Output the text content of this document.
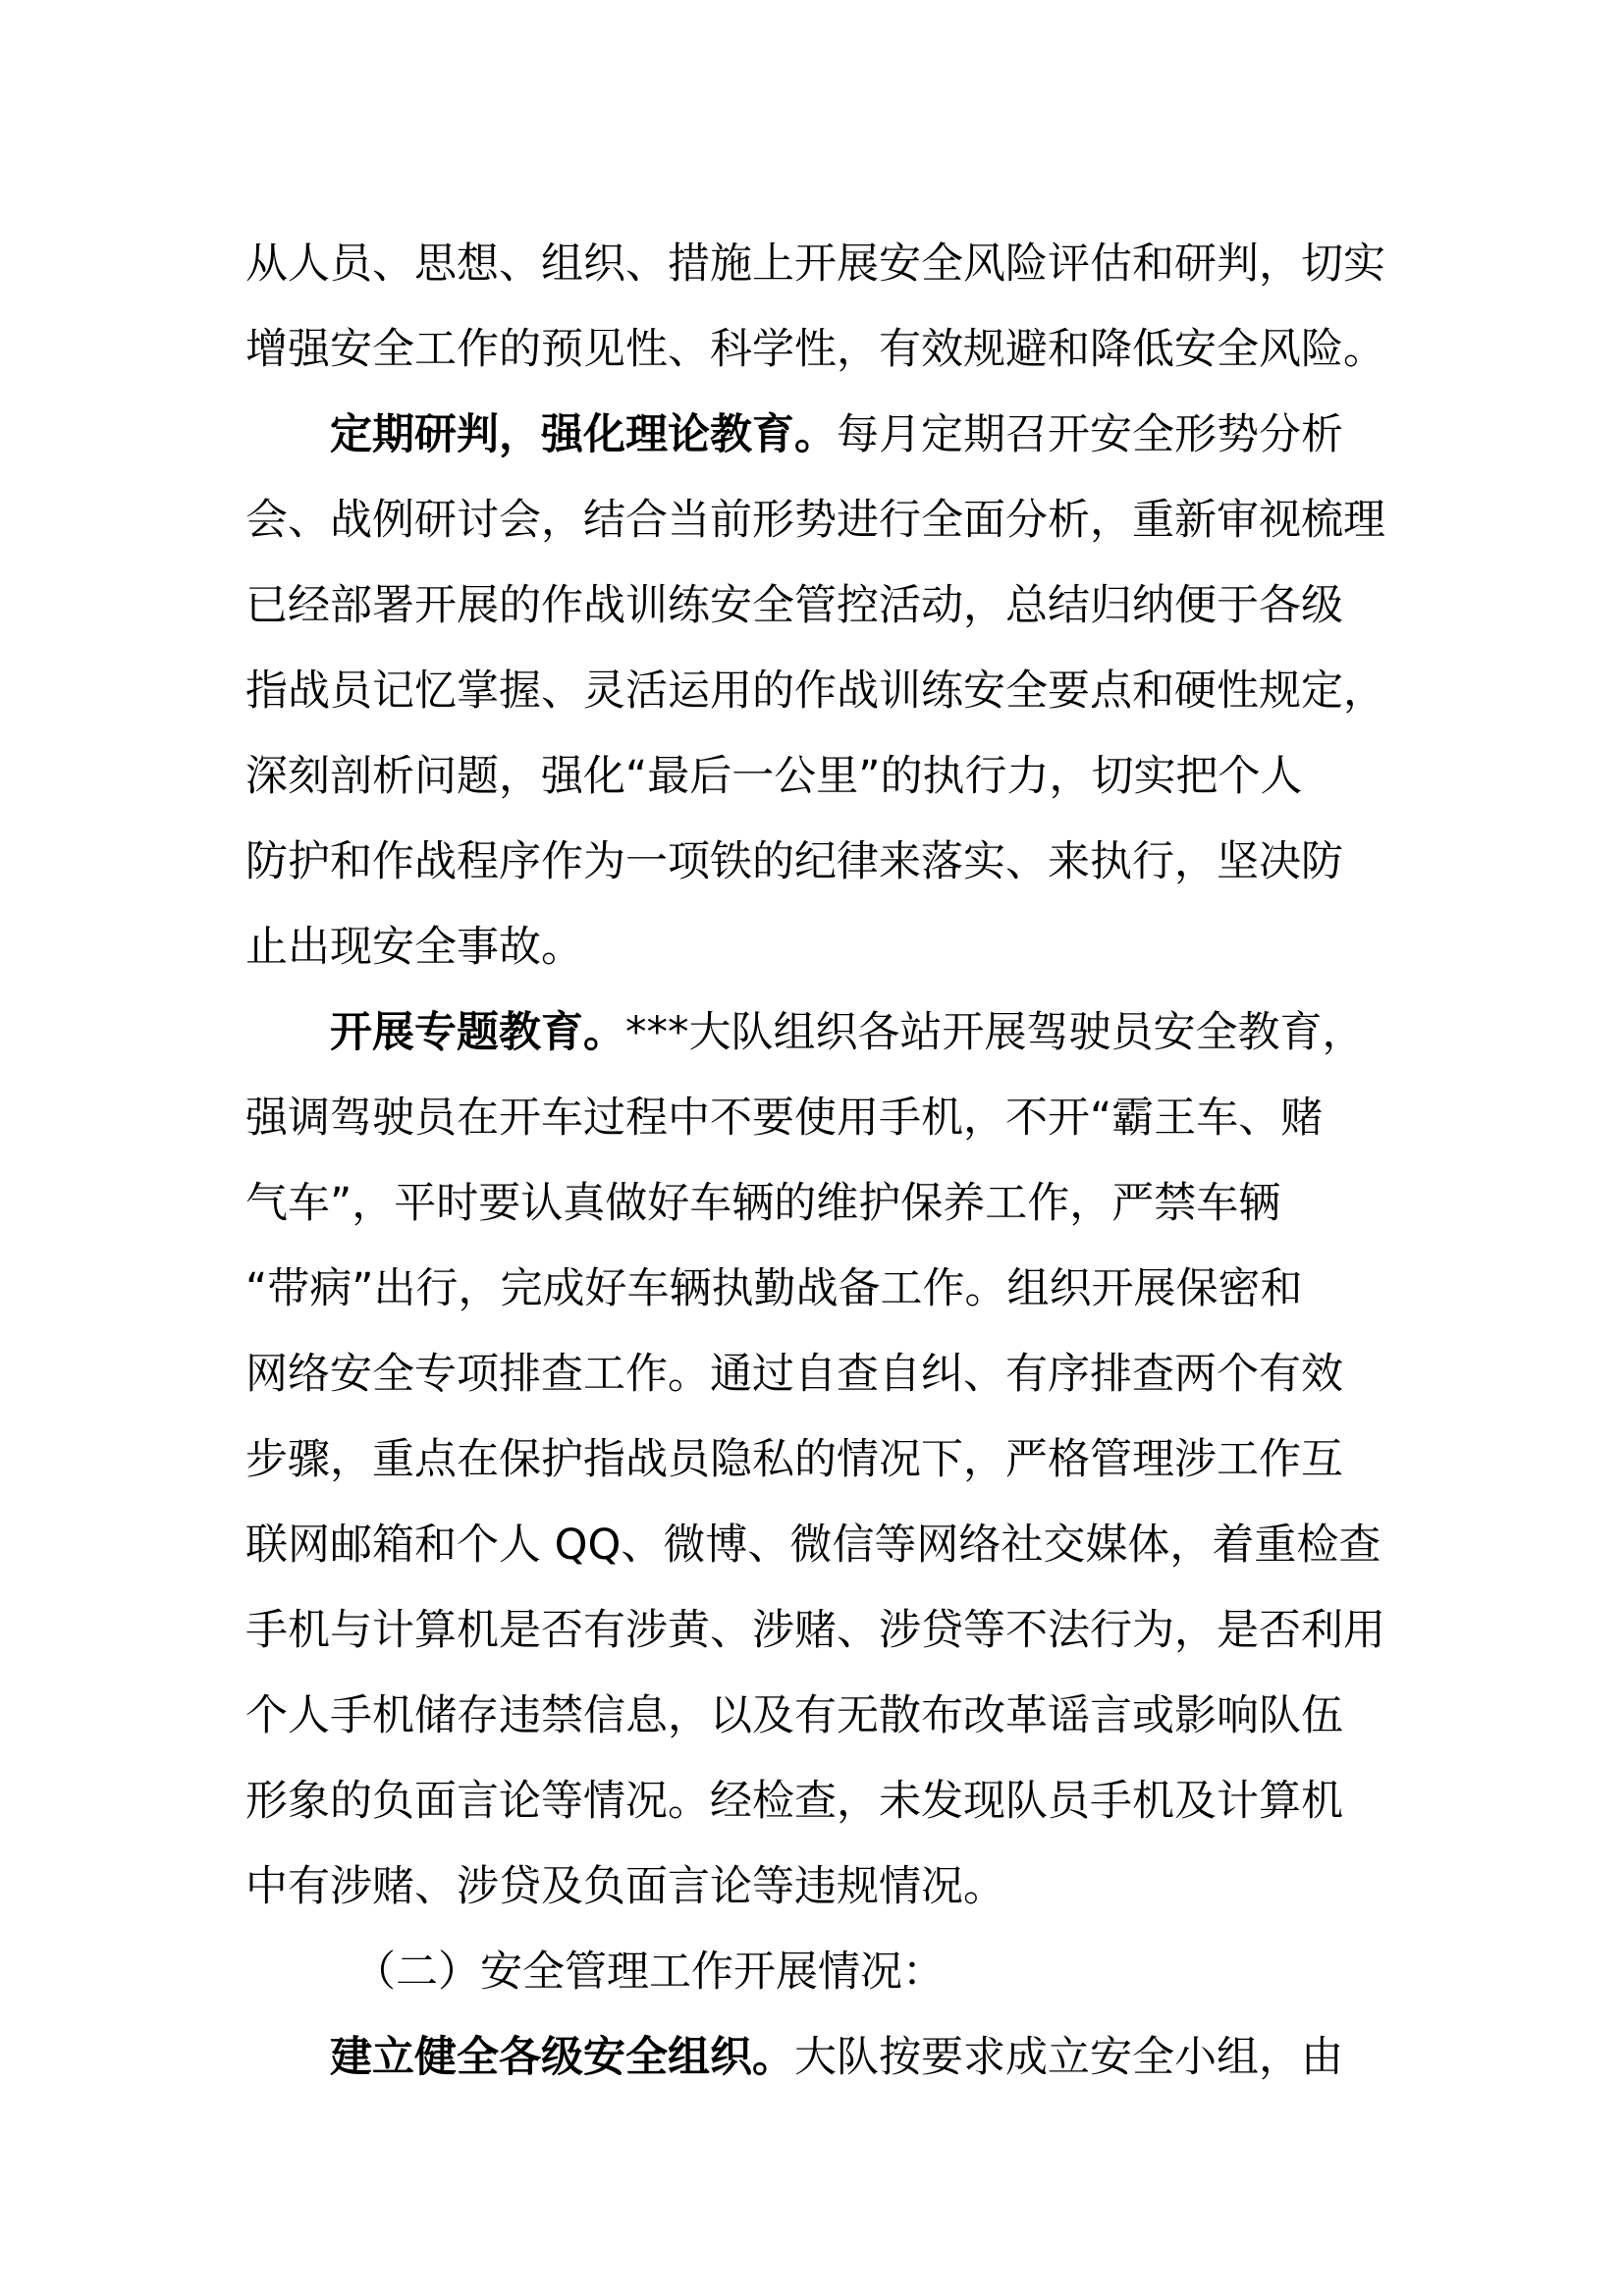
从人员、思想、组织、措施上开展安全风险评估和研判，切实
增强安全工作的预见性、科学性，有效规避和降低安全风险。
定期研判，强化理论教育。每月定期召开安全形势分析
会、战例研讨会，结合当前形势进行全面分析，重新审视梳理
已经部署开展的作战训练安全管控活动，总结归纳便于各级
指战员记忆掌握、灵活运用的作战训练安全要点和硬性规定，
深刻剖析问题，强化“最后一公里”的执行力，切实把个人
防护和作战程序作为一项铁的纪律来落实、来执行，坚决防
止出现安全事故。
开展专题教育。***大队组织各站开展驾驶员安全教育，
强调驾驶员在开车过程中不要使用手机，不开“霸王车、赌
气车”，平时要认真做好车辆的维护保养工作，严禁车辆
“带病”出行，完成好车辆执勤战备工作。组织开展保密和
网络安全专项排查工作。通过自查自纠、有序排查两个有效
步骤，重点在保护指战员隐私的情况下，严格管理涉工作互
联网邮箱和个人 QQ、微博、微信等网络社交媒体，着重检查
手机与计算机是否有涉黄、涉赌、涉贷等不法行为，是否利用
个人手机储存违禁信息，以及有无散布改革谣言或影响队伍
形象的负面言论等情况。经检查，未发现队员手机及计算机
中有涉赌、涉贷及负面言论等违规情况。
（二）安全管理工作开展情况：
建立健全各级安全组织。大队按要求成立安全小组，由
